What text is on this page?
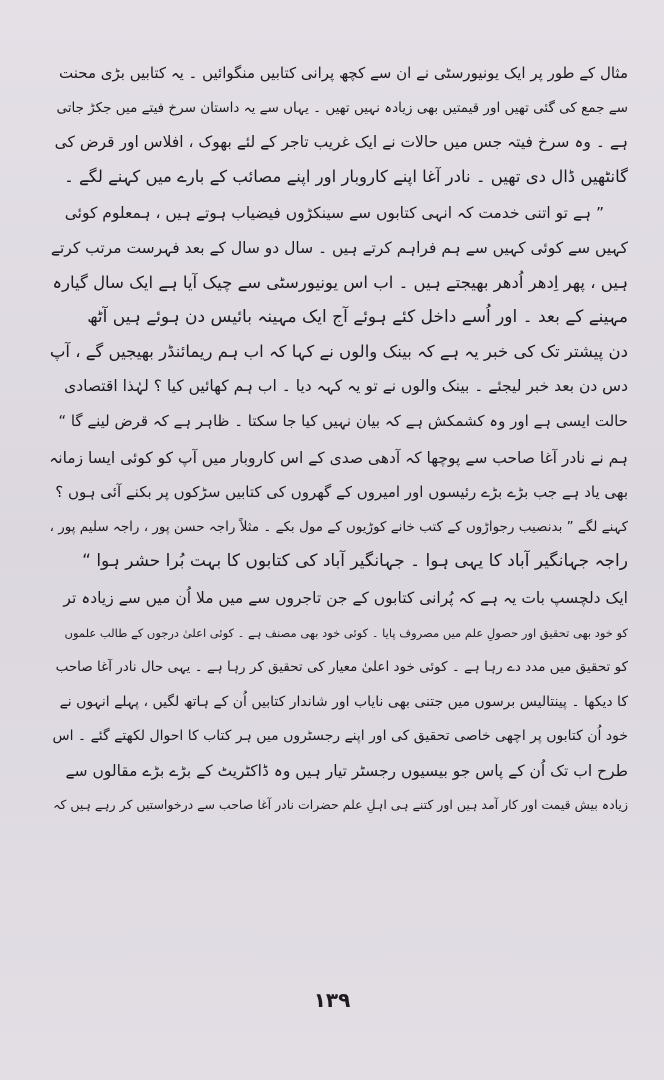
مثال کے طور پر ایک یونیورسٹی نے ان سے کچھ پرانی کتابیں منگوائیں ۔ یہ کتابیں بڑی محنت
سے جمع کی گئی تھیں اور قیمتیں بھی زیادہ نہیں تھیں ۔ یہاں سے یہ داستان سرخ فیتے میں جکڑ جاتی
ہے ۔ وہ سرخ فیتہ جس میں حالات نے ایک غریب تاجر کے لئے بھوک ، افلاس اور قرض کی
گانٹھیں ڈال دی تھیں ۔ نادر آغا اپنے کاروبار اور اپنے مصائب کے بارے میں کہنے لگے ۔
” ہے تو اتنی خدمت کہ انہی کتابوں سے سینکڑوں فیضیاب ہوتے ہیں ، ہمعلوم کوئی
کہیں سے کوئی کہیں سے ہم فراہم کرتے ہیں ۔ سال دو سال کے بعد فہرست مرتب کرتے
ہیں ، پھر اِدھر اُدھر بھیجتے ہیں ۔ اب اس یونیورسٹی سے چیک آیا ہے ایک سال گیارہ
مہینے کے بعد ۔ اور اُسے داخل کئے ہوئے آج ایک مہینہ بائیس دن ہوئے ہیں آٹھ
دن پیشتر تک کی خبر یہ ہے کہ بینک والوں نے کہا کہ اب ہم ریمائنڈر بھیجیں گے ، آپ
دس دن بعد خبر لیجئے ۔ بینک والوں نے تو یہ کہہ دیا ۔ اب ہم کھائیں کیا ؟ لہٰذا اقتصادی
حالت ایسی ہے اور وہ کشمکش ہے کہ بیان نہیں کیا جا سکتا ۔ ظاہر ہے کہ قرض لینے گا “
ہم نے نادر آغا صاحب سے پوچھا کہ آدھی صدی کے اس کاروبار میں آپ کو کوئی ایسا زمانہ
بھی یاد ہے جب بڑے بڑے رئیسوں اور امیروں کے گھروں کی کتابیں سڑکوں پر بکنے آئی ہوں ؟
کہنے لگے ” بدنصیب رجواڑوں کے کتب خانے کوڑیوں کے مول بکے ۔ مثلاً راجہ حسن پور ، راجہ سلیم پور ،
راجہ جہانگیر آباد کا یہی ہوا ۔ جہانگیر آباد کی کتابوں کا بہت بُرا حشر ہوا “
ایک دلچسپ بات یہ ہے کہ پُرانی کتابوں کے جن تاجروں سے میں ملا اُن میں سے زیادہ تر
کو خود بھی تحقیق اور حصولِ علم میں مصروف پایا ۔ کوئی خود بھی مصنف ہے ۔ کوئی اعلیٰ درجوں کے طالب علموں
کو تحقیق میں مدد دے رہا ہے ۔ کوئی خود اعلیٰ معیار کی تحقیق کر رہا ہے ۔ یہی حال نادر آغا صاحب
کا دیکھا ۔ پینتالیس برسوں میں جتنی بھی نایاب اور شاندار کتابیں اُن کے ہاتھ لگیں ، پہلے انہوں نے
خود اُن کتابوں پر اچھی خاصی تحقیق کی اور اپنے رجسٹروں میں ہر کتاب کا احوال لکھتے گئے ۔ اس
طرح اب تک اُن کے پاس جو بیسیوں رجسٹر تیار ہیں وہ ڈاکٹریٹ کے بڑے بڑے مقالوں سے
زیادہ بیش قیمت اور کار آمد ہیں اور کتنے ہی اہلِ علم حضرات نادر آغا صاحب سے درخواستیں کر رہے ہیں کہ
۱۳۹
